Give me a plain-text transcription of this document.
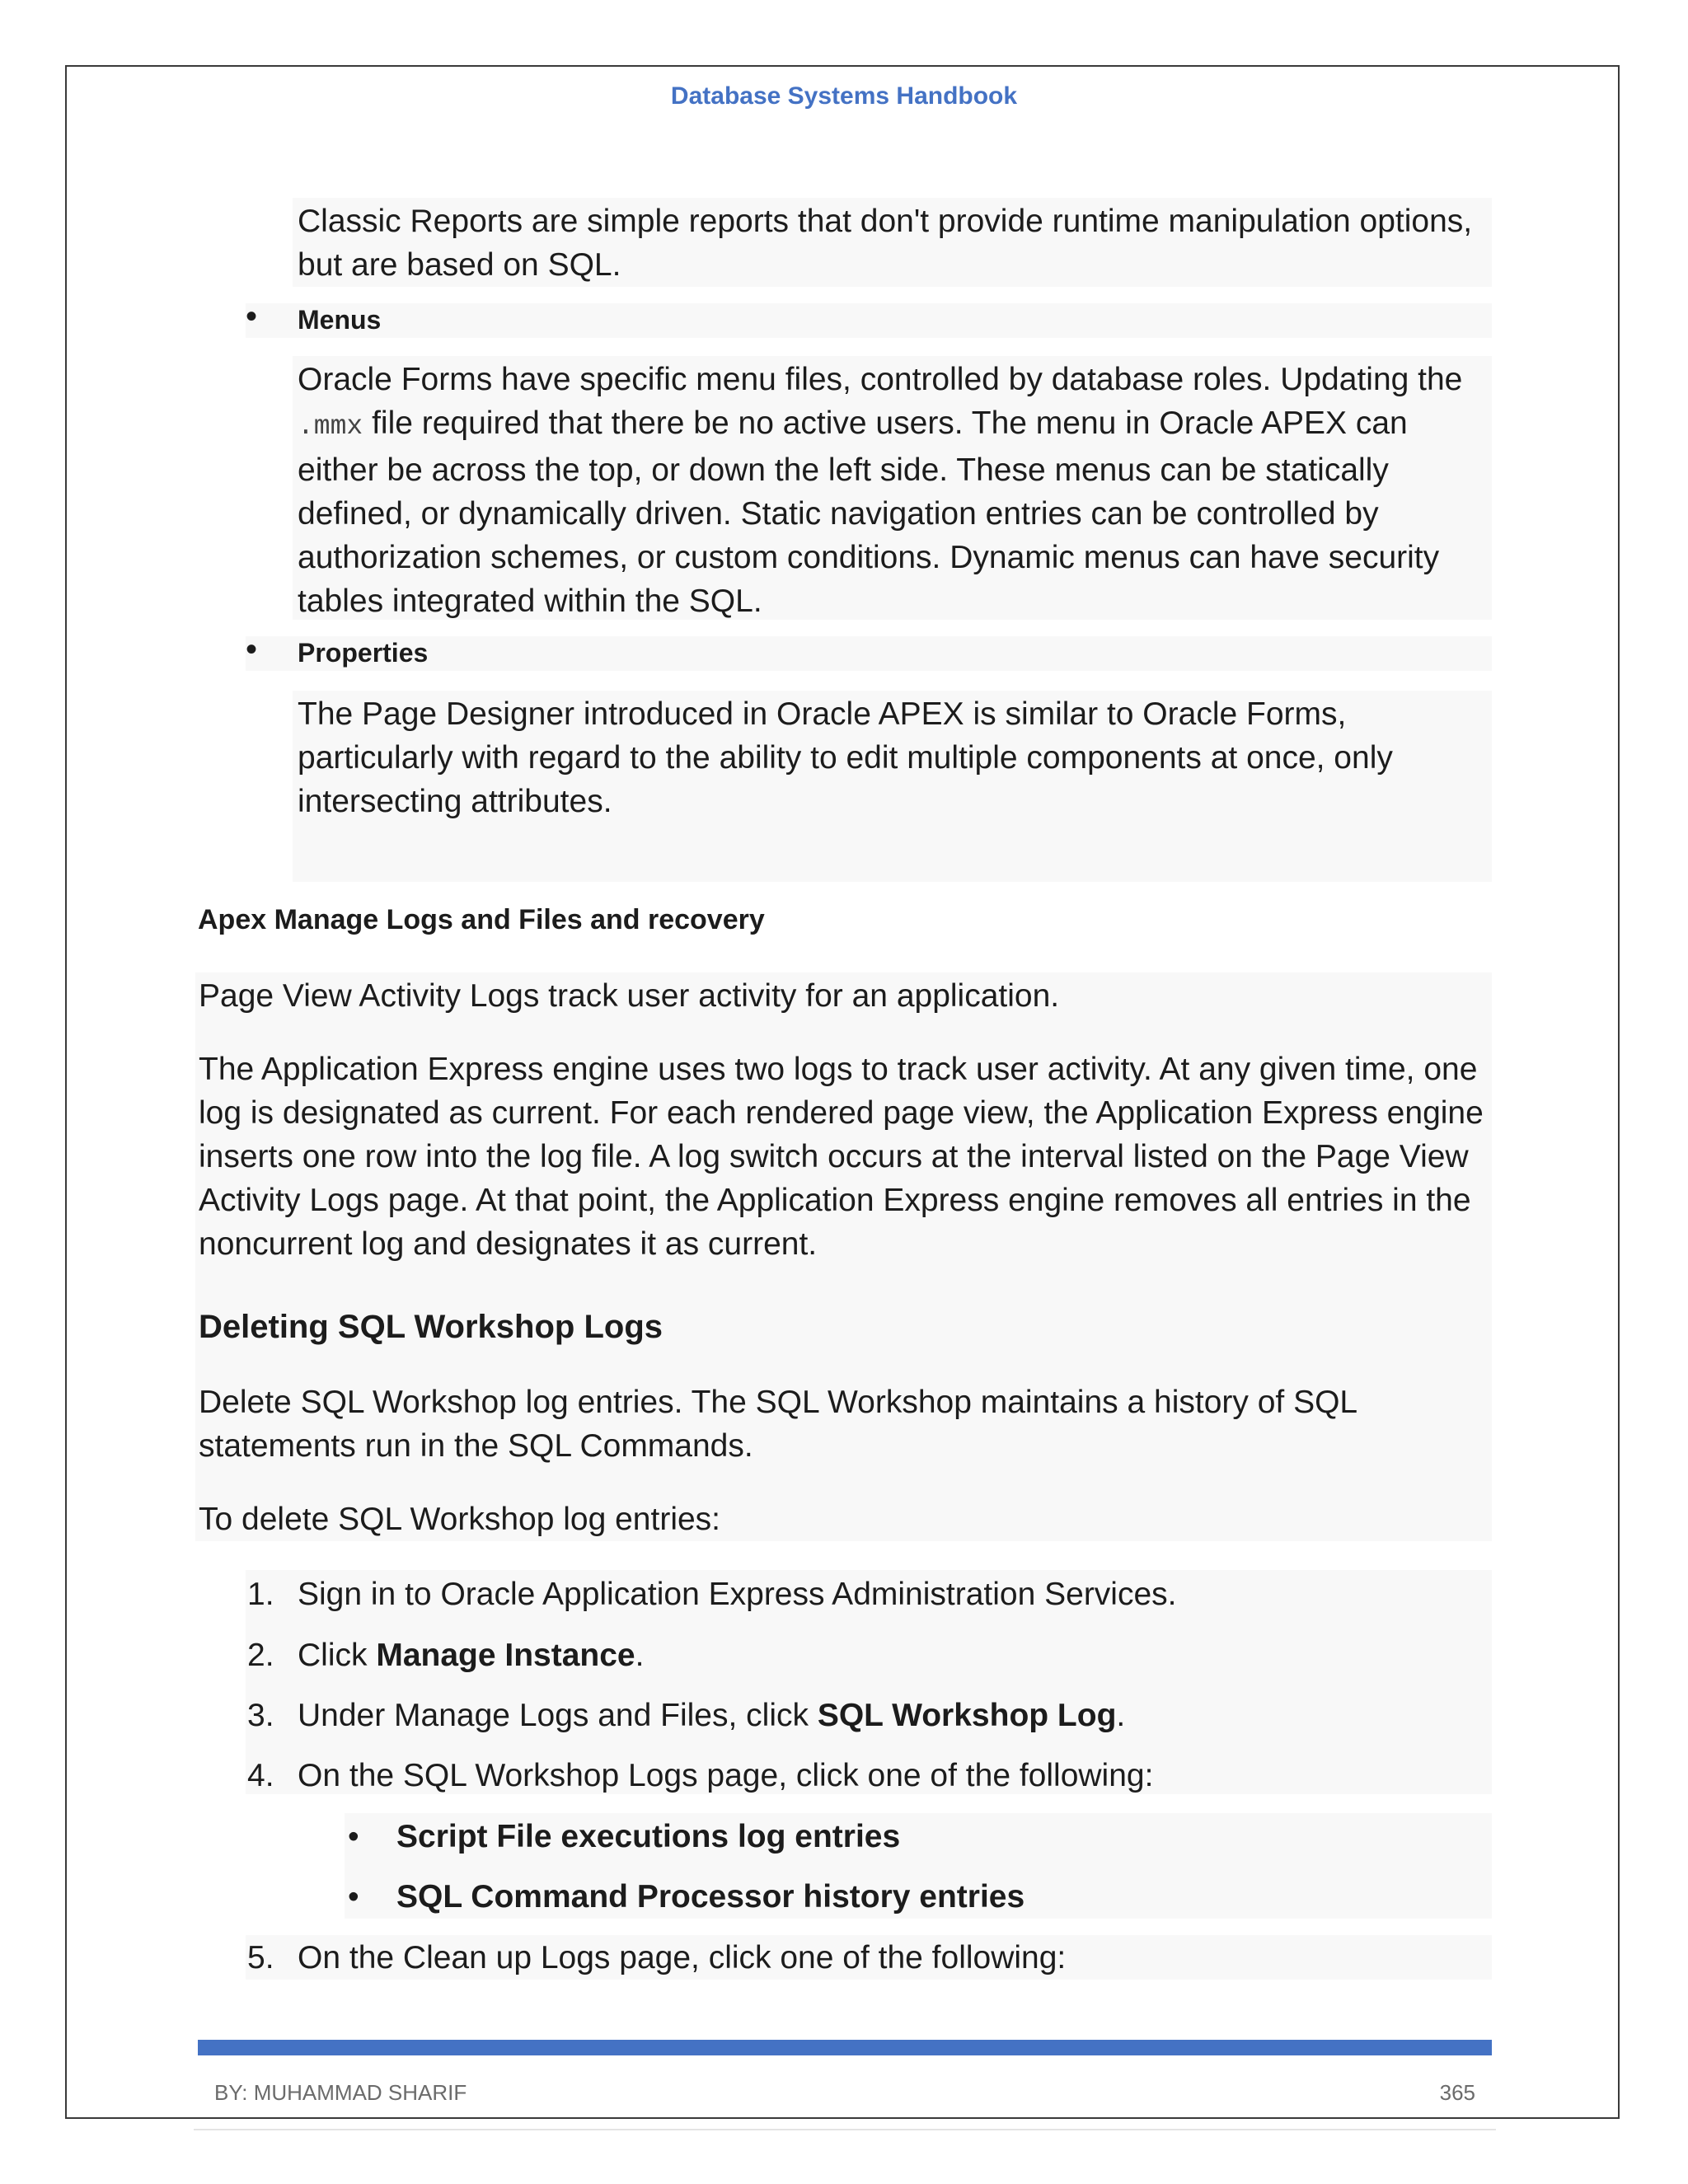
Database Systems Handbook
Classic Reports are simple reports that don't provide runtime manipulation options, but are based on SQL.
• Menus
Oracle Forms have specific menu files, controlled by database roles. Updating the .mmx file required that there be no active users. The menu in Oracle APEX can either be across the top, or down the left side. These menus can be statically defined, or dynamically driven. Static navigation entries can be controlled by authorization schemes, or custom conditions. Dynamic menus can have security tables integrated within the SQL.
• Properties
The Page Designer introduced in Oracle APEX is similar to Oracle Forms, particularly with regard to the ability to edit multiple components at once, only intersecting attributes.
Apex Manage Logs and Files and recovery
Page View Activity Logs track user activity for an application.
The Application Express engine uses two logs to track user activity. At any given time, one log is designated as current. For each rendered page view, the Application Express engine inserts one row into the log file. A log switch occurs at the interval listed on the Page View Activity Logs page. At that point, the Application Express engine removes all entries in the noncurrent log and designates it as current.
Deleting SQL Workshop Logs
Delete SQL Workshop log entries. The SQL Workshop maintains a history of SQL statements run in the SQL Commands.
To delete SQL Workshop log entries:
1. Sign in to Oracle Application Express Administration Services.
2. Click Manage Instance.
3. Under Manage Logs and Files, click SQL Workshop Log.
4. On the SQL Workshop Logs page, click one of the following:
• Script File executions log entries
• SQL Command Processor history entries
5. On the Clean up Logs page, click one of the following:
BY: MUHAMMAD SHARIF	365
